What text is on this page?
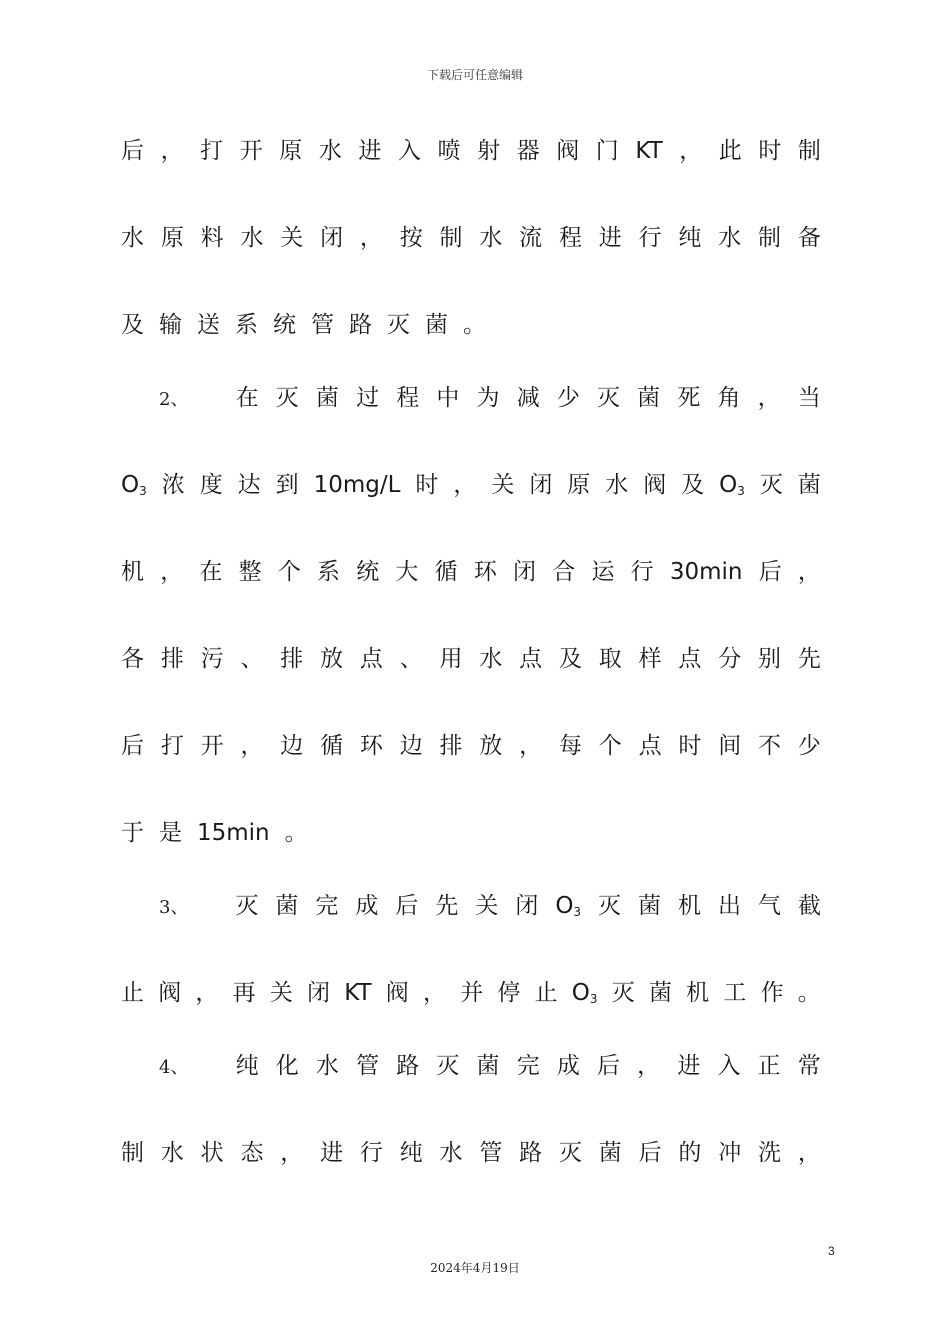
下载后可任意编辑
后 ， 打 开 原 水 进 入 喷 射 器 阀 门 KT ， 此 时 制
水 原 料 水 关 闭 ， 按 制 水 流 程 进 行 纯 水 制 备
及 输 送 系 统 管 路 灭 菌 。
2、 在 灭 菌 过 程 中 为 减 少 灭 菌 死 角 ， 当
$O_3$ 浓 度 达 到 10mg/L 时 ， 关 闭 原 水 阀 及 $O_3$ 灭 菌
机 ， 在 整 个 系 统 大 循 环 闭 合 运 行 30min 后 ，
各 排 污 、 排 放 点 、 用 水 点 及 取 样 点 分 别 先
后 打 开 ， 边 循 环 边 排 放 ， 每 个 点 时 间 不 少
于 是 15min 。
3、 灭 菌 完 成 后 先 关 闭 $O_3$ 灭 菌 机 出 气 截
止 阀 ， 再 关 闭 KT 阀 ， 并 停 止 $O_3$ 灭 菌 机 工 作 。
4、 纯 化 水 管 路 灭 菌 完 成 后 ， 进 入 正 常
制 水 状 态 ， 进 行 纯 水 管 路 灭 菌 后 的 冲 洗 ，
3
2024年4月19日
